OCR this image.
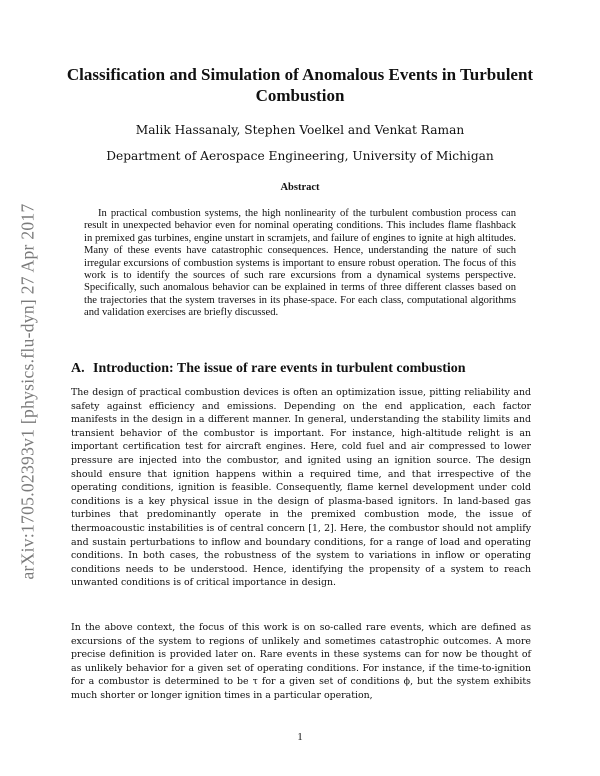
arXiv:1705.02393v1 [physics.flu-dyn] 27 Apr 2017
Classification and Simulation of Anomalous Events in Turbulent Combustion
Malik Hassanaly, Stephen Voelkel and Venkat Raman
Department of Aerospace Engineering, University of Michigan
Abstract
In practical combustion systems, the high nonlinearity of the turbulent combustion process can result in unexpected behavior even for nominal operating conditions. This includes flame flashback in premixed gas turbines, engine unstart in scramjets, and failure of engines to ignite at high altitudes. Many of these events have catastrophic consequences. Hence, understanding the nature of such irregular excursions of combustion systems is important to ensure robust operation. The focus of this work is to identify the sources of such rare excursions from a dynamical systems perspective. Specifically, such anomalous behavior can be explained in terms of three different classes based on the trajectories that the system traverses in its phase-space. For each class, computational algorithms and validation exercises are briefly discussed.
A. Introduction: The issue of rare events in turbulent combustion
The design of practical combustion devices is often an optimization issue, pitting reliability and safety against efficiency and emissions. Depending on the end application, each factor manifests in the design in a different manner. In general, understanding the stability limits and transient behavior of the combustor is important. For instance, high-altitude relight is an important certification test for aircraft engines. Here, cold fuel and air compressed to lower pressure are injected into the combustor, and ignited using an ignition source. The design should ensure that ignition happens within a required time, and that irrespective of the operating conditions, ignition is feasible. Consequently, flame kernel development under cold conditions is a key physical issue in the design of plasma-based ignitors. In land-based gas turbines that predominantly operate in the premixed combustion mode, the issue of thermoacoustic instabilities is of central concern [1, 2]. Here, the combustor should not amplify and sustain perturbations to inflow and boundary conditions, for a range of load and operating conditions. In both cases, the robustness of the system to variations in inflow or operating conditions needs to be understood. Hence, identifying the propensity of a system to reach unwanted conditions is of critical importance in design.
In the above context, the focus of this work is on so-called rare events, which are defined as excursions of the system to regions of unlikely and sometimes catastrophic outcomes. A more precise definition is provided later on. Rare events in these systems can for now be thought of as unlikely behavior for a given set of operating conditions. For instance, if the time-to-ignition for a combustor is determined to be τ for a given set of conditions ϕ, but the system exhibits much shorter or longer ignition times in a particular operation,
1
